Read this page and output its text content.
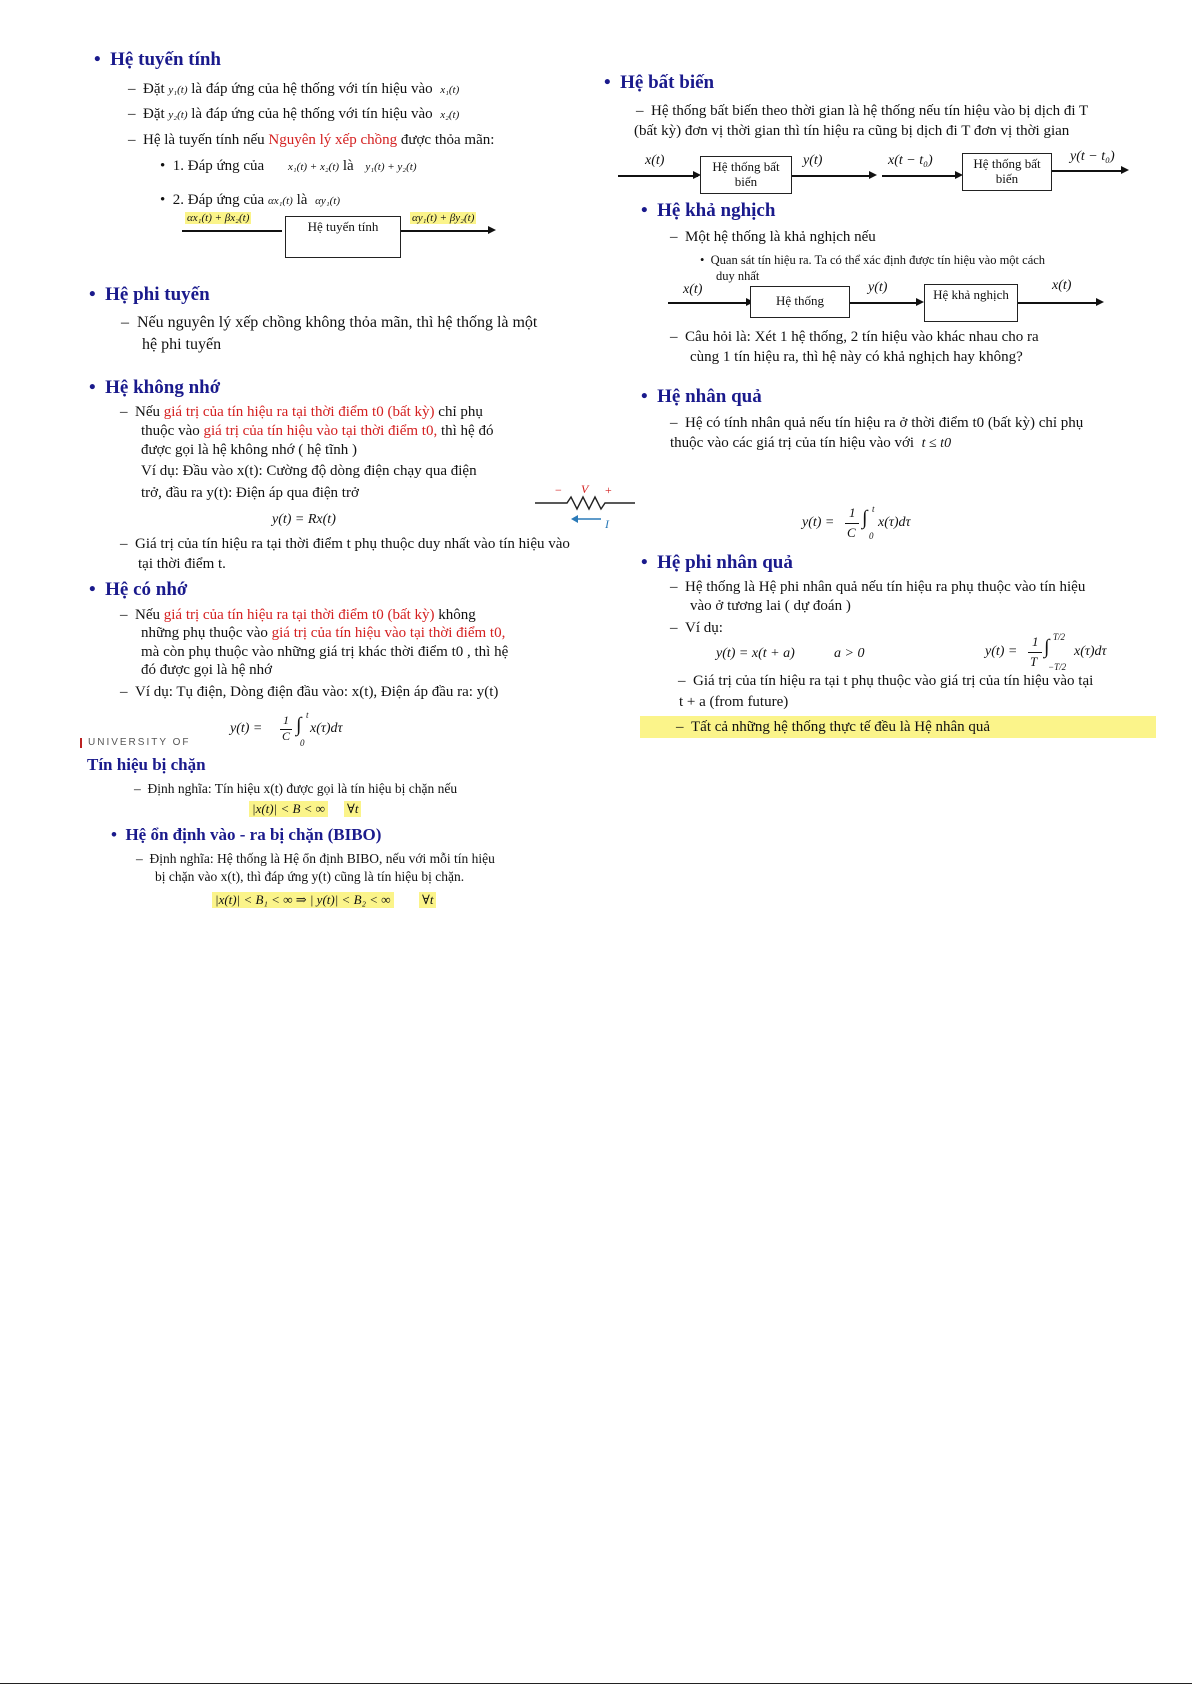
•  Hệ tuyến tính
–  Đặt y₁(t) là đáp ứng của hệ thống với tín hiệu vào x₁(t)
–  Đặt y₂(t) là đáp ứng của hệ thống với tín hiệu vào x₂(t)
–  Hệ là tuyến tính nếu Nguyên lý xếp chồng được thỏa mãn:
•  1. Đáp ứng của x₁(t) + x₂(t) là y₁(t) + y₂(t)
•  2. Đáp ứng của αx₁(t) là αy₁(t)
αx₁(t) + βx₂(t)
Hệ tuyến tính
αy₁(t) + βy₂(t)
•  Hệ phi tuyến
–  Nếu nguyên lý xếp chồng không thỏa mãn, thì hệ thống là một
hệ phi tuyến
•  Hệ không nhớ
–  Nếu giá trị của tín hiệu ra tại thời điểm t0 (bất kỳ) chỉ phụ
thuộc vào giá trị của tín hiệu vào tại thời điểm t0, thì hệ đó
được gọi là hệ không nhớ ( hệ tĩnh )
Ví dụ: Đầu vào x(t): Cường độ dòng điện chạy qua điện
trở, đầu ra y(t): Điện áp qua điện trở
y(t) = Rx(t)
− V +
I
–  Giá trị của tín hiệu ra tại thời điểm t phụ thuộc duy nhất vào tín hiệu vào
tại thời điểm t.
•  Hệ có nhớ
–  Nếu giá trị của tín hiệu ra tại thời điểm t0 (bất kỳ) không
những phụ thuộc vào giá trị của tín hiệu vào tại thời điểm t0,
mà còn phụ thuộc vào những giá trị khác thời điểm t0 , thì hệ
đó được gọi là hệ nhớ
–  Ví dụ: Tụ điện, Dòng điện đầu vào: x(t), Điện áp đầu ra: y(t)
y(t) =
1
C ∫ t
0
x(τ)dτ
UNIVERSITY OF
Tín hiệu bị chặn
–  Định nghĩa: Tín hiệu x(t) được gọi là tín hiệu bị chặn nếu
|x(t)| < B < ∞ ∀t
•  Hệ ổn định vào - ra bị chặn (BIBO)
–  Định nghĩa: Hệ thống là Hệ ổn định BIBO, nếu với mỗi tín hiệu
bị chặn vào x(t), thì đáp ứng y(t) cũng là tín hiệu bị chặn.
|x(t)| < B₁ < ∞ ⇒ | y(t)| < B₂ < ∞ ∀t
•  Hệ bất biến
–  Hệ thống bất biến theo thời gian là hệ thống nếu tín hiệu vào bị dịch đi T
(bất kỳ) đơn vị thời gian thì tín hiệu ra cũng bị dịch đi T đơn vị thời gian
x(t)	Hệ thống bất biến
y(t)	x(t − t₀)	Hệ thống bất biến
y(t − t₀)
•  Hệ khả nghịch
–  Một hệ thống là khả nghịch nếu
•  Quan sát tín hiệu ra. Ta có thể xác định được tín hiệu vào một cách
duy nhất
x(t)
Hệ thống
y(t)	Hệ khả nghịch
x(t)
–  Câu hỏi là: Xét 1 hệ thống, 2 tín hiệu vào khác nhau cho ra
cùng 1 tín hiệu ra, thì hệ này có khả nghịch hay không?
•  Hệ nhân quả
–  Hệ có tính nhân quả nếu tín hiệu ra ở thời điểm t0 (bất kỳ) chỉ phụ
thuộc vào các giá trị của tín hiệu vào với t ≤ t0
y(t) =
1
C
∫ t
0
x(τ)dτ
•  Hệ phi nhân quả
–  Hệ thống là Hệ phi nhân quả nếu tín hiệu ra phụ thuộc vào tín hiệu
vào ở tương lai ( dự đoán )
–  Ví dụ:
y(t) = x(t + a)	a > 0	y(t) =
1
T
∫ T/2
−T/2
x(τ)dτ
–  Giá trị của tín hiệu ra tại t phụ thuộc vào giá trị của tín hiệu vào tại
t + a (from future)
–  Tất cả những hệ thống thực tế đều là Hệ nhân quả
